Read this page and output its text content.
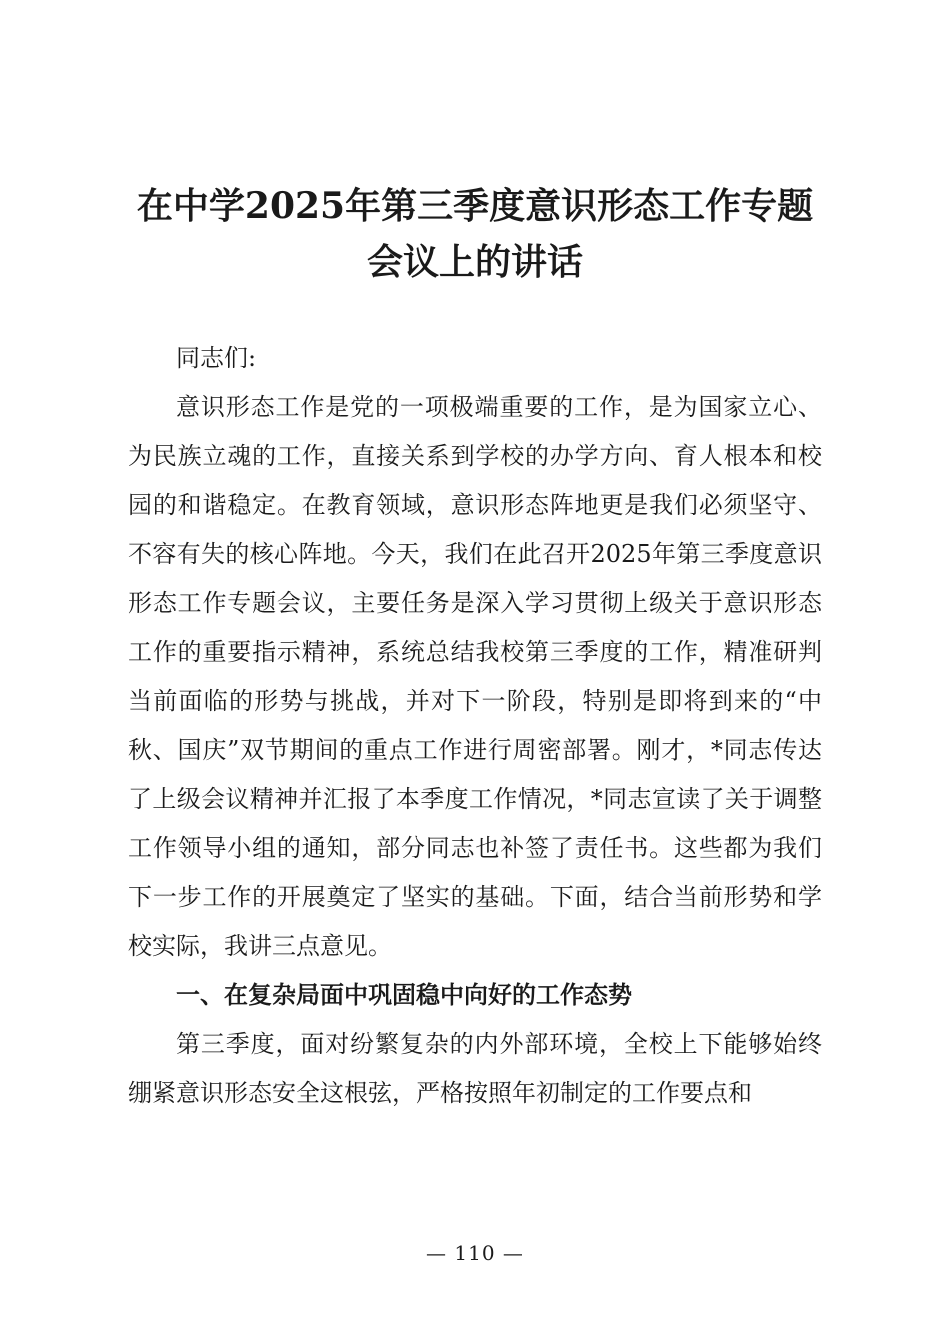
在中学2025年第三季度意识形态工作专题会议上的讲话

同志们:

意识形态工作是党的一项极端重要的工作，是为国家立心、为民族立魂的工作，直接关系到学校的办学方向、育人根本和校园的和谐稳定。在教育领域，意识形态阵地更是我们必须坚守、不容有失的核心阵地。今天，我们在此召开2025年第三季度意识形态工作专题会议，主要任务是深入学习贯彻上级关于意识形态工作的重要指示精神，系统总结我校第三季度的工作，精准研判当前面临的形势与挑战，并对下一阶段，特别是即将到来的“中秋、国庆”双节期间的重点工作进行周密部署。刚才，*同志传达了上级会议精神并汇报了本季度工作情况，*同志宣读了关于调整工作领导小组的通知，部分同志也补签了责任书。这些都为我们下一步工作的开展奠定了坚实的基础。下面，结合当前形势和学校实际，我讲三点意见。

一、在复杂局面中巩固稳中向好的工作态势

第三季度，面对纷繁复杂的内外部环境，全校上下能够始终绷紧意识形态安全这根弦，严格按照年初制定的工作要点和

— 110 —
